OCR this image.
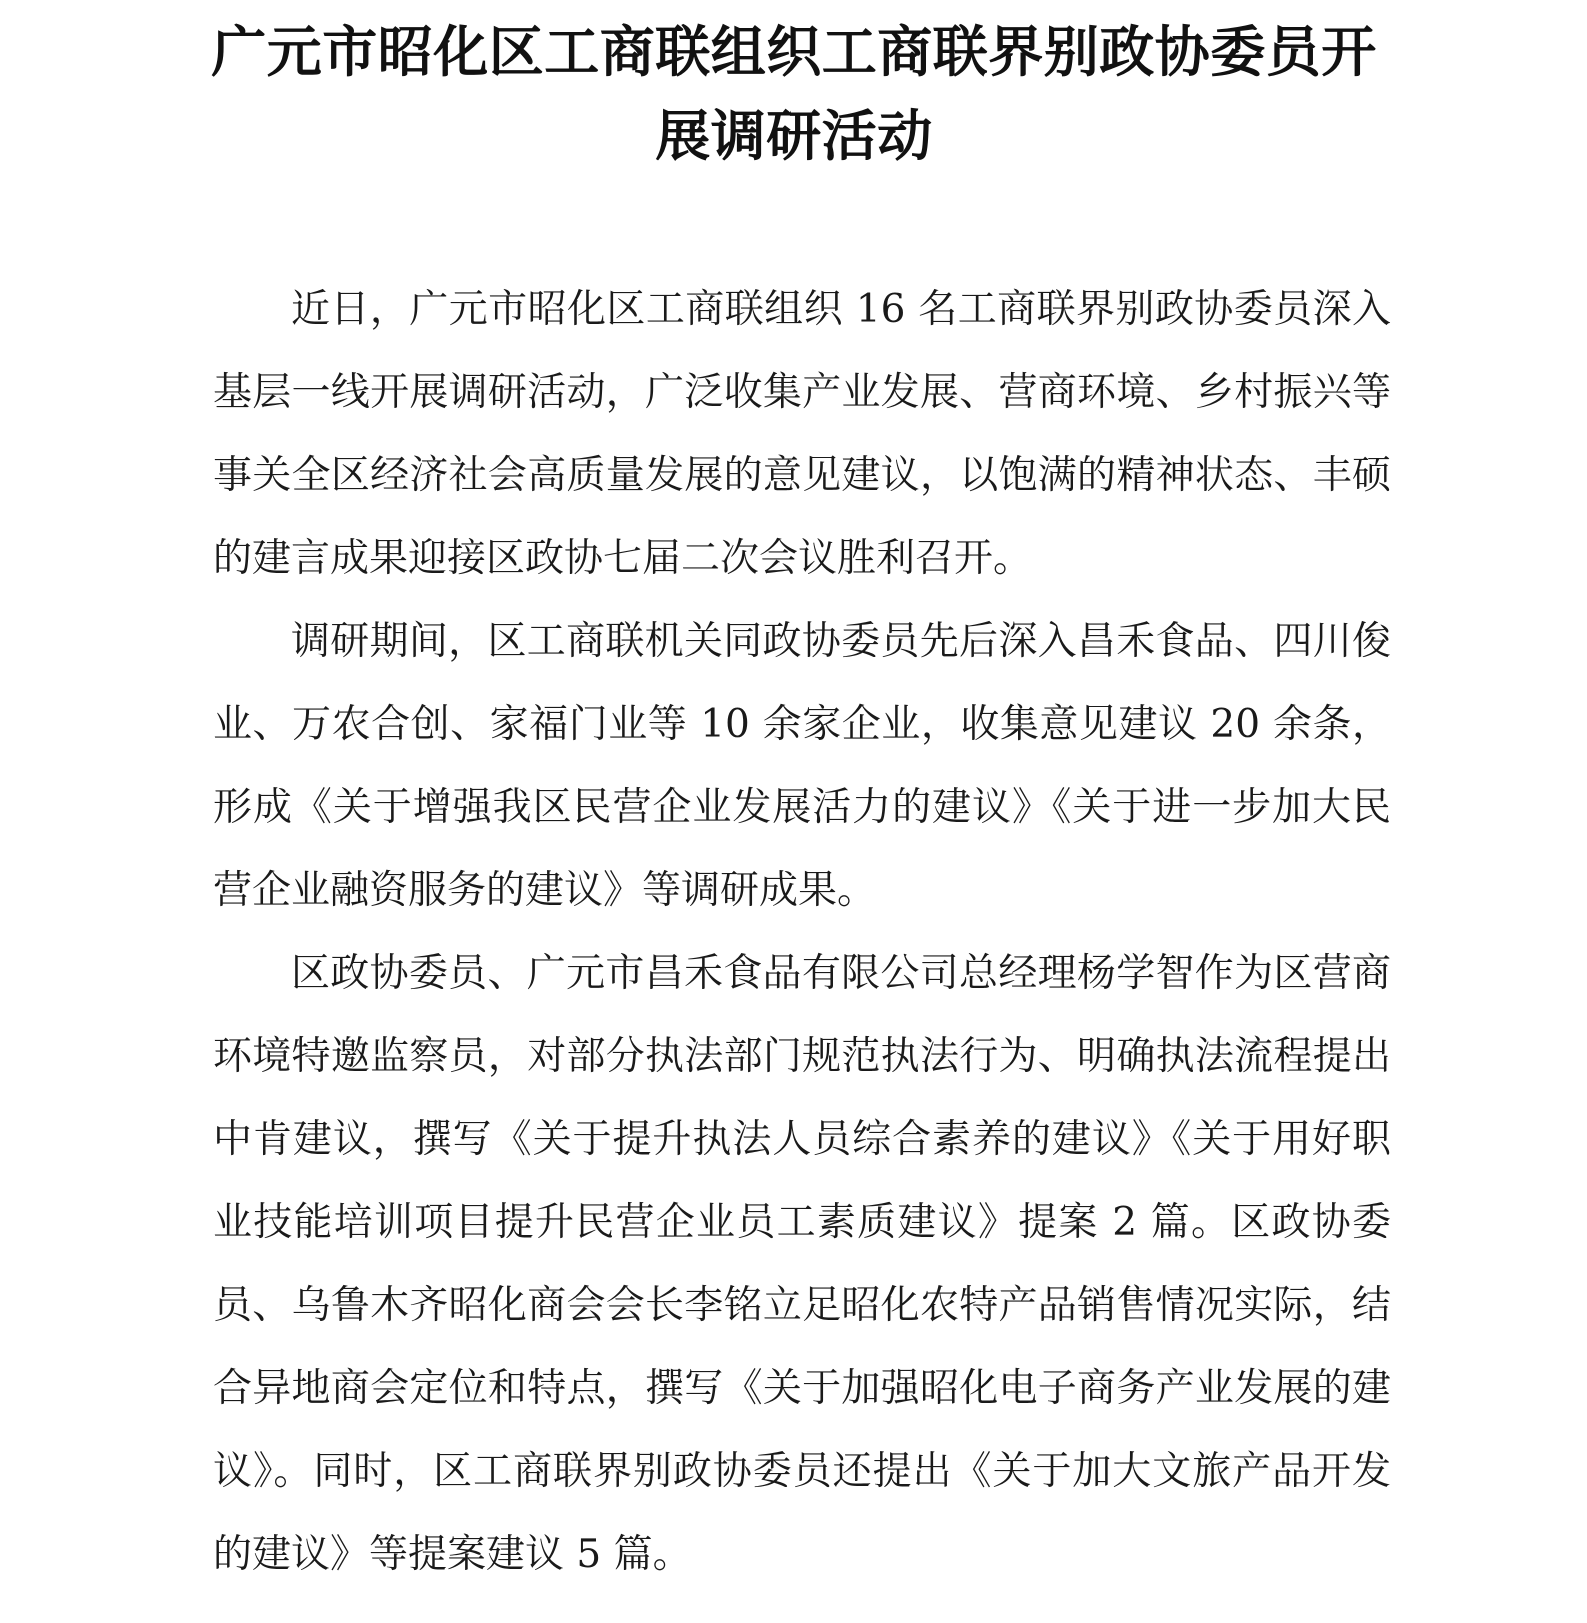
广元市昭化区工商联组织工商联界别政协委员开展调研活动

近日，广元市昭化区工商联组织 16 名工商联界别政协委员深入基层一线开展调研活动，广泛收集产业发展、营商环境、乡村振兴等事关全区经济社会高质量发展的意见建议，以饱满的精神状态、丰硕的建言成果迎接区政协七届二次会议胜利召开。

调研期间，区工商联机关同政协委员先后深入昌禾食品、四川俊业、万农合创、家福门业等 10 余家企业，收集意见建议 20 余条，形成《关于增强我区民营企业发展活力的建议》《关于进一步加大民营企业融资服务的建议》等调研成果。

区政协委员、广元市昌禾食品有限公司总经理杨学智作为区营商环境特邀监察员，对部分执法部门规范执法行为、明确执法流程提出中肯建议，撰写《关于提升执法人员综合素养的建议》《关于用好职业技能培训项目提升民营企业员工素质建议》提案 2 篇。区政协委员、乌鲁木齐昭化商会会长李铭立足昭化农特产品销售情况实际，结合异地商会定位和特点，撰写《关于加强昭化电子商务产业发展的建议》。同时，区工商联界别政协委员还提出《关于加大文旅产品开发的建议》等提案建议 5 篇。
